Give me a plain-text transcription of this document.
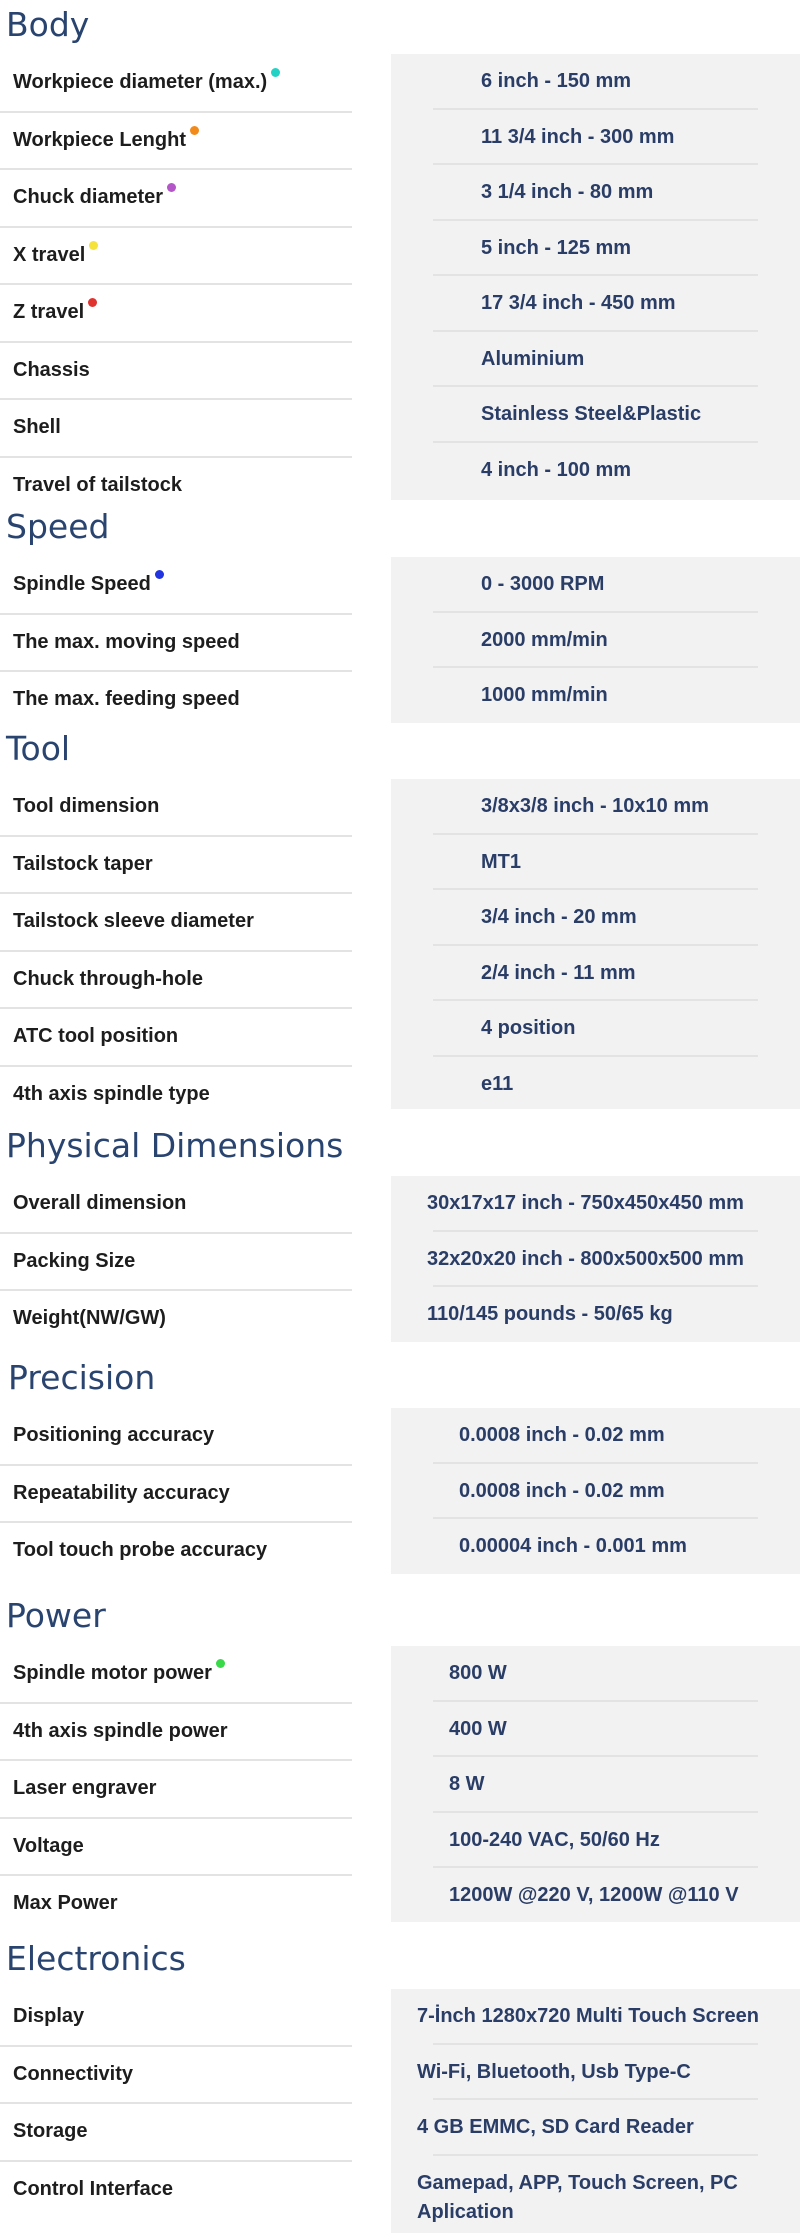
Body
Workpiece diameter (max.)
Workpiece Lenght
Chuck diameter
X travel
Z travel
Chassis
Shell
Travel of tailstock
6 inch - 150 mm
11 3/4 inch - 300 mm
3 1/4 inch - 80 mm
5 inch - 125 mm
17 3/4 inch - 450 mm
Aluminium
Stainless Steel&Plastic
4 inch - 100 mm
Speed
Spindle Speed
The max. moving speed
The max. feeding speed
0 - 3000 RPM
2000 mm/min
1000 mm/min
Tool
Tool dimension
Tailstock taper
Tailstock sleeve diameter
Chuck through-hole
ATC tool position
4th axis spindle type
3/8x3/8 inch - 10x10 mm
MT1
3/4 inch - 20 mm
2/4 inch - 11 mm
4 position
e11
Physical Dimensions
Overall dimension
Packing Size
Weight(NW/GW)
30x17x17 inch - 750x450x450 mm
32x20x20 inch - 800x500x500 mm
110/145 pounds - 50/65 kg
Precision
Positioning accuracy
Repeatability accuracy
Tool touch probe accuracy
0.0008 inch - 0.02 mm
0.0008 inch - 0.02 mm
0.00004 inch - 0.001 mm
Power
Spindle motor power
4th axis spindle power
Laser engraver
Voltage
Max Power
800 W
400 W
8 W
100-240 VAC, 50/60 Hz
1200W @220 V, 1200W @110 V
Electronics
Display
Connectivity
Storage
Control Interface
7-İnch 1280x720 Multi Touch Screen
Wi-Fi, Bluetooth, Usb Type-C
4 GB EMMC, SD Card Reader
Gamepad, APP, Touch Screen, PC Aplication
